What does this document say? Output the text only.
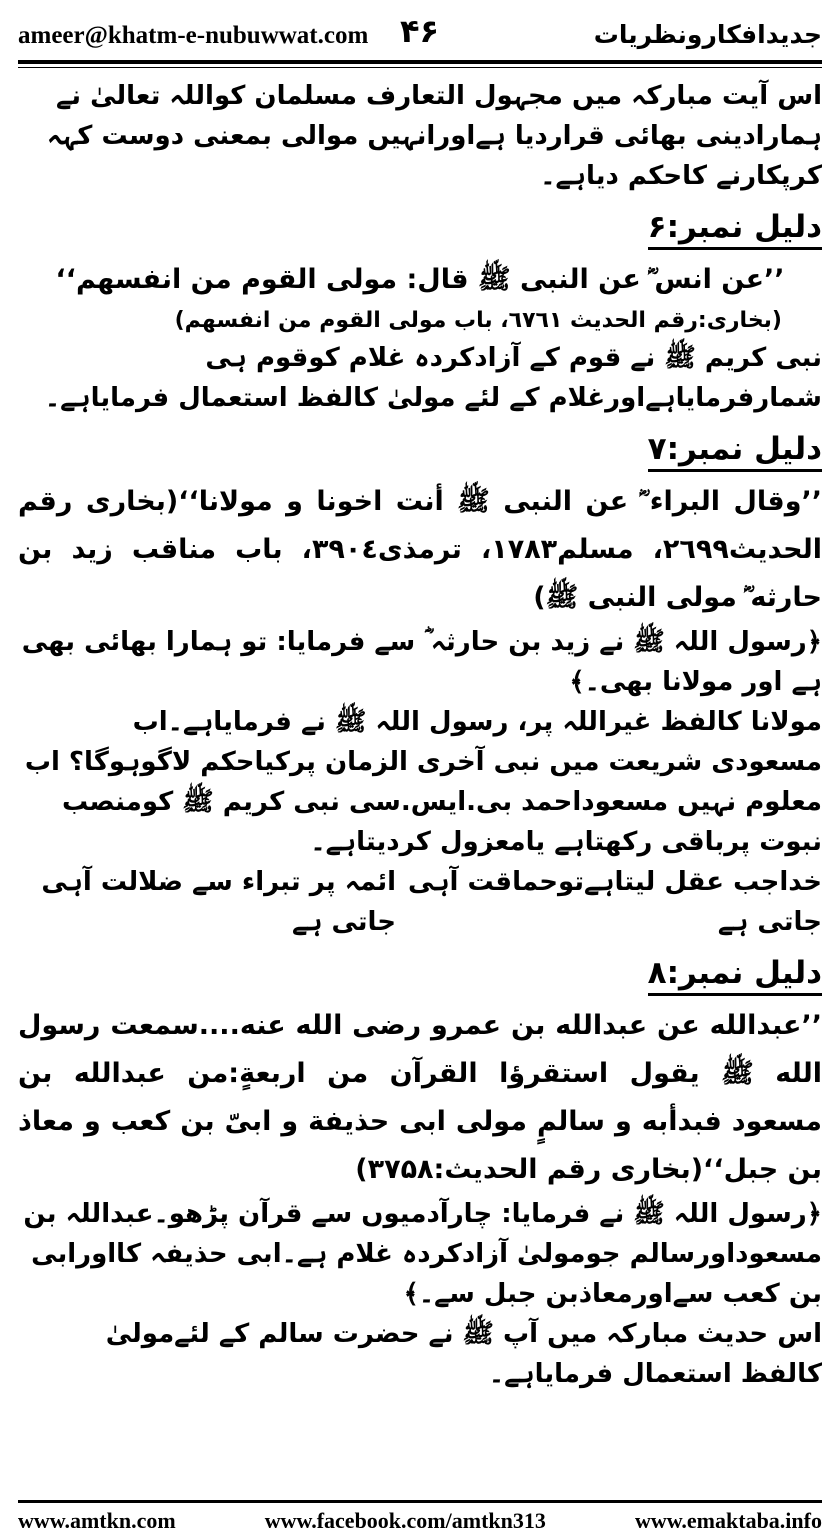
ameer@khatm-e-nubuwwat.com ۴۶	جدیدافکارونظریات

اس آیت مبارکہ میں مجہول التعارف مسلمان کواللہ تعالیٰ نے ہمارادینی بھائی قراردیا ہےاورانہیں موالی بمعنی دوست کہہ کرپکارنے کاحکم دیاہے۔

دلیل نمبر:۶

’’عن انس ؓ عن النبی ﷺ قال: مولی القوم من انفسهم‘‘

(بخاری:رقم الحدیث ٦٧٦١، باب مولی القوم من انفسهم)

نبی کریم ﷺ نے قوم کے آزادکردہ غلام کوقوم ہی شمارفرمایاہےاورغلام کے لئے مولیٰ کالفظ استعمال فرمایاہے۔

دلیل نمبر:۷

’’وقال البراء ؓ عن النبی ﷺ أنت اخونا و مولانا‘‘(بخاری رقم الحدیث٢٦٩٩، مسلم١٧٨٣، ترمذی٣٩٠٤، باب مناقب زید بن حارثه ؓ مولی النبی ﷺ)

﴿رسول اللہ ﷺ نے زید بن حارثہ ؓ سے فرمایا: تو ہمارا بھائی بھی ہے اور مولانا بھی۔﴾

مولانا کالفظ غیراللہ پر، رسول اللہ ﷺ نے فرمایاہے۔اب مسعودی شریعت میں نبی آخری الزمان پرکیاحکم لاگوہوگا؟ اب معلوم نہیں مسعوداحمد بی.ایس.سی نبی کریم ﷺ کومنصب نبوت پرباقی رکھتاہے یامعزول کردیتاہے۔

خداجب عقل لیتاہےتوحماقت آہی جاتی ہے
ائمہ پر تبراء سے ضلالت آہی جاتی ہے
دلیل نمبر:۸

’’عبدالله عن عبدالله بن عمرو رضی الله عنه....سمعت رسول الله ﷺ یقول استقرؤا القرآن من اربعةٍ:من عبدالله بن مسعود فبدأبه و سالمٍ مولی ابی حذیفة و ابیّ بن کعب و معاذ بن جبل‘‘(بخاری رقم الحدیث:۳۷۵۸)

﴿رسول اللہ ﷺ نے فرمایا: چارآدمیوں سے قرآن پڑھو۔عبداللہ بن مسعوداورسالم جومولیٰ آزادکردہ غلام ہے۔ابی حذیفہ کااورابی بن کعب سےاورمعاذبن جبل سے۔﴾

اس حدیث مبارکہ میں آپ ﷺ نے حضرت سالم کے لئےمولیٰ کالفظ استعمال فرمایاہے۔

www.amtkn.com	www.facebook.com/amtkn313	www.emaktaba.info
